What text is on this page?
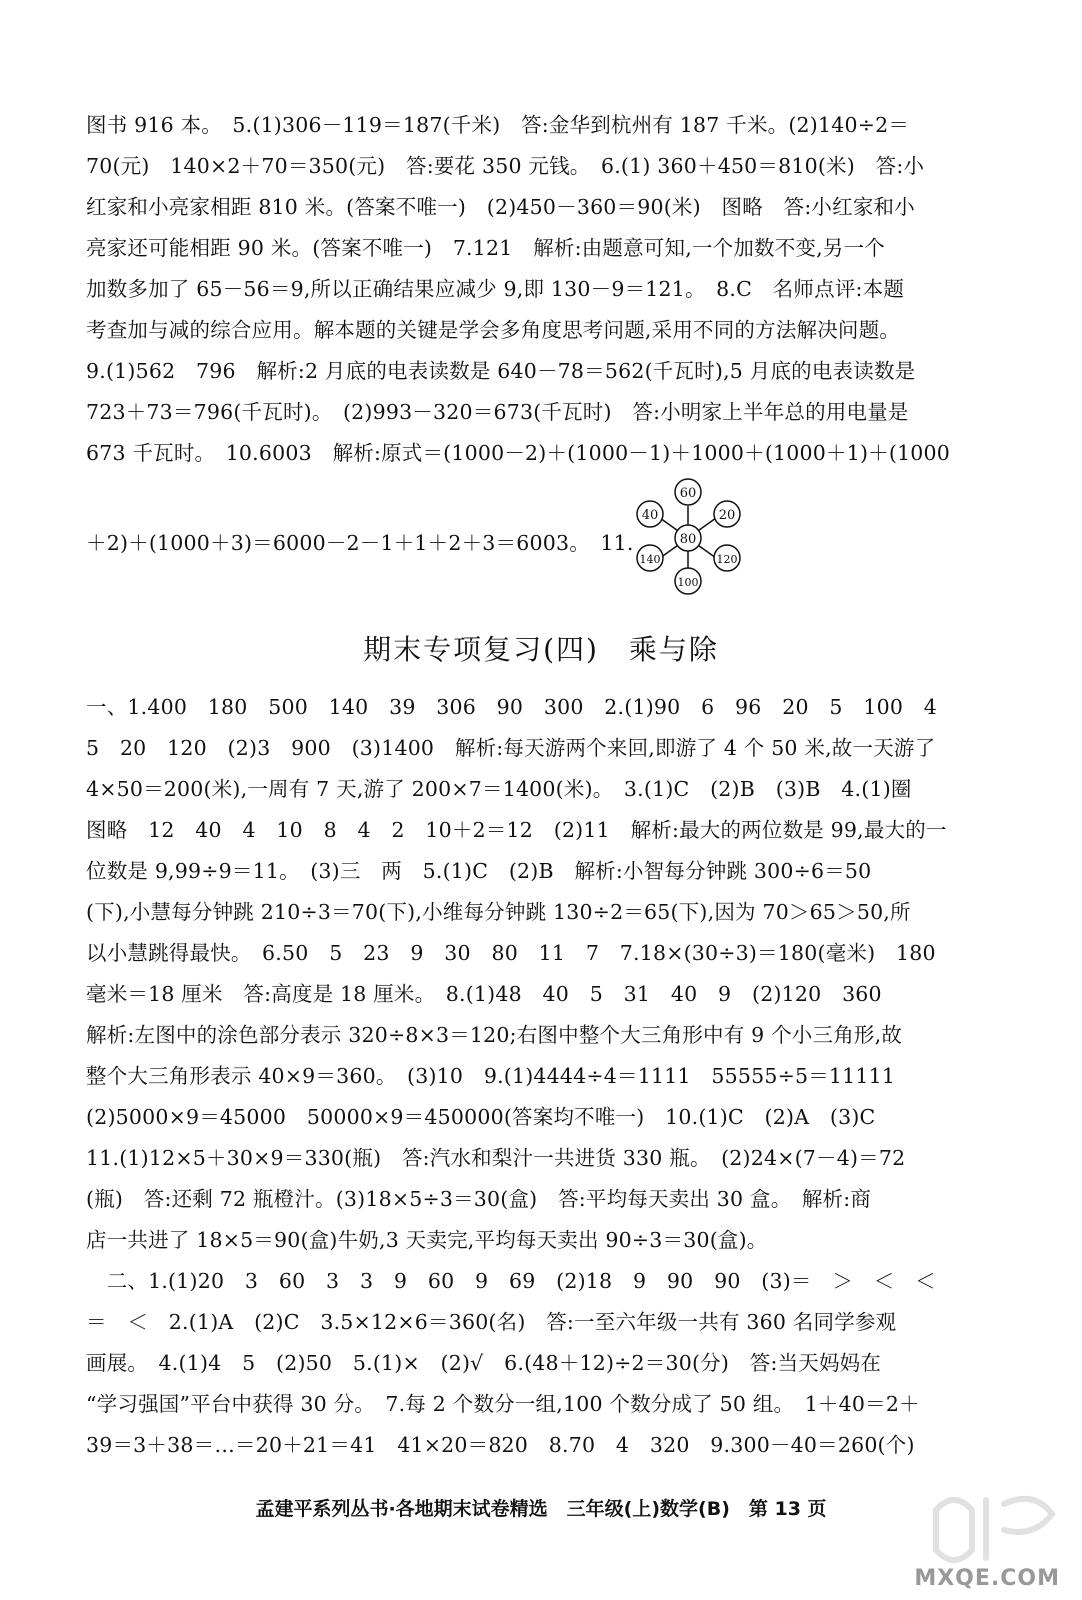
图书 916 本。　5.(1)306－119＝187(千米)　答:金华到杭州有 187 千米。(2)140÷2＝
70(元)　140×2＋70＝350(元)　答:要花 350 元钱。　6.(1) 360＋450＝810(米)　答:小
红家和小亮家相距 810 米。(答案不唯一)　(2)450－360＝90(米)　图略　答:小红家和小
亮家还可能相距 90 米。(答案不唯一)　7.121　解析:由题意可知,一个加数不变,另一个
加数多加了 65－56＝9,所以正确结果应减少 9,即 130－9＝121。　8.C　名师点评:本题
考查加与减的综合应用。解本题的关键是学会多角度思考问题,采用不同的方法解决问题。
9.(1)562　796　解析:2 月底的电表读数是 640－78＝562(千瓦时),5 月底的电表读数是
723＋73＝796(千瓦时)。　(2)993－320＝673(千瓦时)　答:小明家上半年总的用电量是
673 千瓦时。　10.6003　解析:原式＝(1000－2)＋(1000－1)＋1000＋(1000＋1)＋(1000
＋2)＋(1000＋3)＝6000－2－1＋1＋2＋3＝6003。　11.
60
40	20
80
140	120
100
期末专项复习(四)　乘与除
一、1.400　180　500　140　39　306　90　300　2.(1)90　6　96　20　5　100　4
5　20　120　(2)3　900　(3)1400　解析:每天游两个来回,即游了 4 个 50 米,故一天游了
4×50＝200(米),一周有 7 天,游了 200×7＝1400(米)。　3.(1)C　(2)B　(3)B　4.(1)圈
图略　12　40　4　10　8　4　2　10＋2＝12　(2)11　解析:最大的两位数是 99,最大的一
位数是 9,99÷9＝11。　(3)三　两　5.(1)C　(2)B　解析:小智每分钟跳 300÷6＝50
(下),小慧每分钟跳 210÷3＝70(下),小维每分钟跳 130÷2＝65(下),因为 70＞65＞50,所
以小慧跳得最快。　6.50　5　23　9　30　80　11　7　7.18×(30÷3)＝180(毫米)　180
毫米＝18 厘米　答:高度是 18 厘米。　8.(1)48　40　5　31　40　9　(2)120　360
解析:左图中的涂色部分表示 320÷8×3＝120;右图中整个大三角形中有 9 个小三角形,故
整个大三角形表示 40×9＝360。　(3)10　9.(1)4444÷4＝1111　55555÷5＝11111
(2)5000×9＝45000　50000×9＝450000(答案均不唯一)　10.(1)C　(2)A　(3)C
11.(1)12×5＋30×9＝330(瓶)　答:汽水和梨汁一共进货 330 瓶。　(2)24×(7－4)＝72
(瓶)　答:还剩 72 瓶橙汁。(3)18×5÷3＝30(盒)　答:平均每天卖出 30 盒。　解析:商
店一共进了 18×5＝90(盒)牛奶,3 天卖完,平均每天卖出 90÷3＝30(盒)。
　二、1.(1)20　3　60　3　3　9　60　9　69　(2)18　9　90　90　(3)＝　＞　＜　＜
＝　＜　2.(1)A　(2)C　3.5×12×6＝360(名)　答:一至六年级一共有 360 名同学参观
画展。　4.(1)4　5　(2)50　5.(1)×　(2)√　6.(48＋12)÷2＝30(分)　答:当天妈妈在
“学习强国”平台中获得 30 分。　7.每 2 个数分一组,100 个数分成了 50 组。　1＋40＝2＋
39＝3＋38＝…＝20＋21＝41　41×20＝820　8.70　4　320　9.300－40＝260(个)
孟建平系列丛书·各地期末试卷精选　三年级(上)数学(B)　第 13 页
MXQE.COM
